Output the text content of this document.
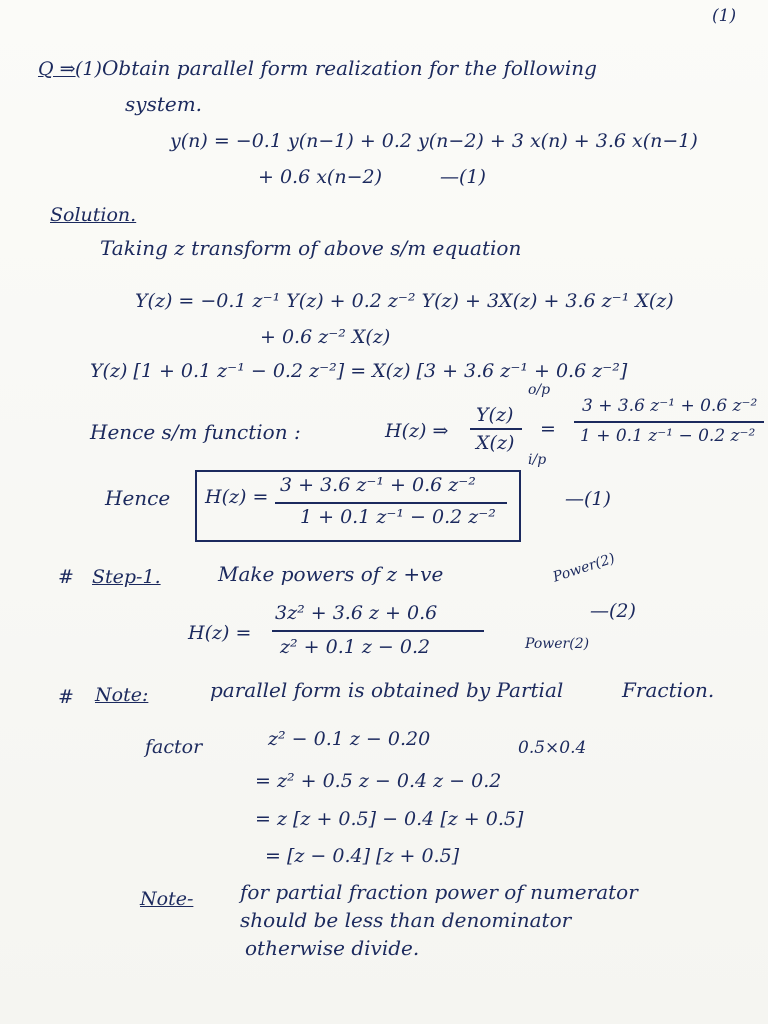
(1)
Q ⇒ (1) Obtain parallel form realization for the following
system.
y(n) = −0.1 y(n−1) + 0.2 y(n−2) + 3 x(n) + 3.6 x(n−1)
+ 0.6 x(n−2)	—(1)
Solution.
Taking z transform of above s/m equation
Y(z) = −0.1 z⁻¹ Y(z) + 0.2 z⁻² Y(z) + 3X(z) + 3.6 z⁻¹ X(z)
+ 0.6 z⁻² X(z)
Y(z) [1 + 0.1 z⁻¹ − 0.2 z⁻²] = X(z) [3 + 3.6 z⁻¹ + 0.6 z⁻²]
Hence s/m function :	H(z) ⇒
Y(z)
X(z)
o/p
i/p
=
3 + 3.6 z⁻¹ + 0.6 z⁻²
1 + 0.1 z⁻¹ − 0.2 z⁻²
Hence H(z) =
3 + 3.6 z⁻¹ + 0.6 z⁻²
1 + 0.1 z⁻¹ − 0.2 z⁻²
—(1)
# Step-1.	Make powers of z +ve	Power(2)
H(z) =
3z² + 3.6 z + 0.6
z² + 0.1 z − 0.2
—(2)
Power(2)
# Note:	parallel form is obtained by Partial	Fraction.
factor	z² − 0.1 z − 0.20	0.5×0.4
= z² + 0.5 z − 0.4 z − 0.2
= z [z + 0.5] − 0.4 [z + 0.5]
= [z − 0.4] [z + 0.5]
Note- for partial fraction power of numerator
should be less than denominator
otherwise divide.
